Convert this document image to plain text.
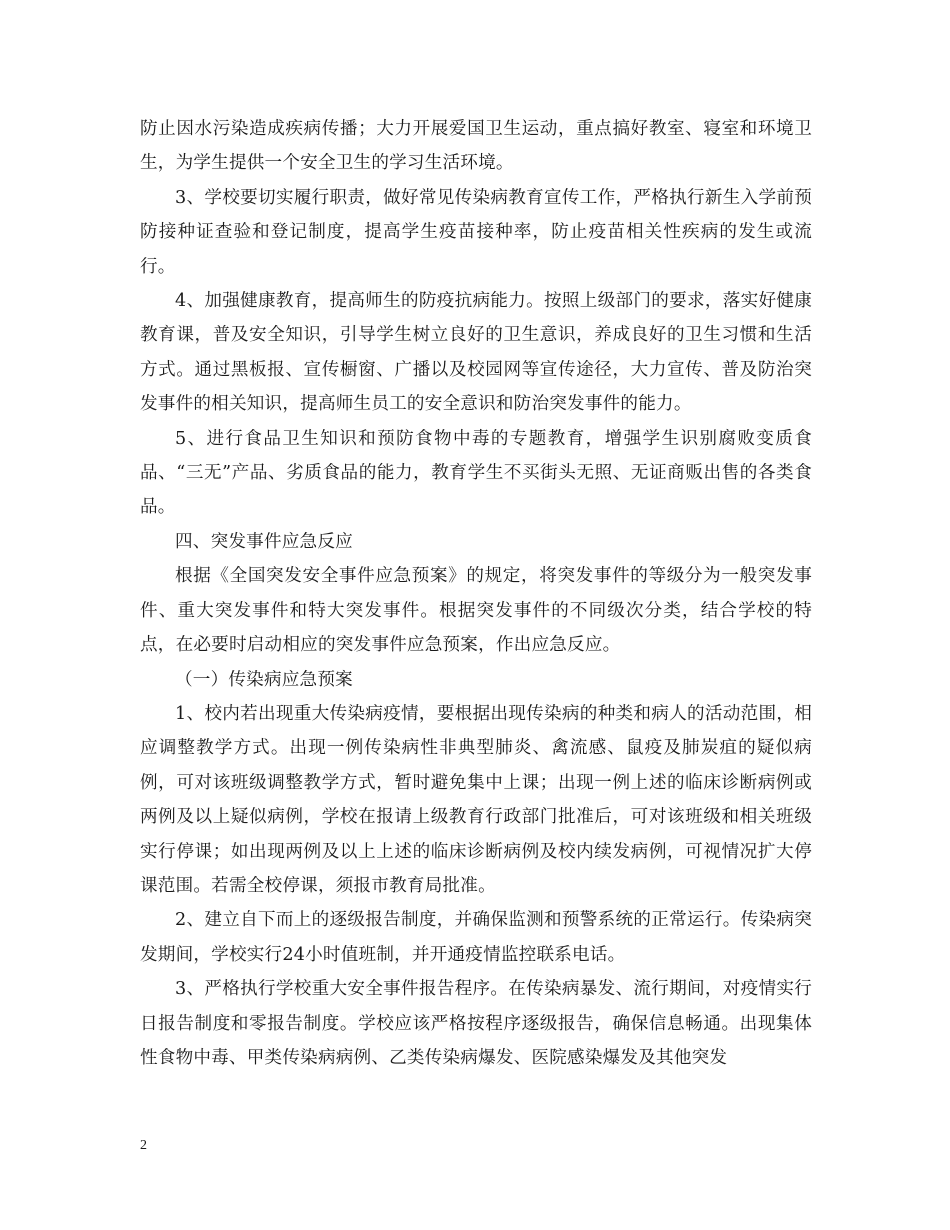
防止因水污染造成疾病传播；大力开展爱国卫生运动，重点搞好教室、寝室和环境卫生，为学生提供一个安全卫生的学习生活环境。

3、学校要切实履行职责，做好常见传染病教育宣传工作，严格执行新生入学前预防接种证查验和登记制度，提高学生疫苗接种率，防止疫苗相关性疾病的发生或流行。

4、加强健康教育，提高师生的防疫抗病能力。按照上级部门的要求，落实好健康教育课，普及安全知识，引导学生树立良好的卫生意识，养成良好的卫生习惯和生活方式。通过黑板报、宣传橱窗、广播以及校园网等宣传途径，大力宣传、普及防治突发事件的相关知识，提高师生员工的安全意识和防治突发事件的能力。

5、进行食品卫生知识和预防食物中毒的专题教育，增强学生识别腐败变质食品、“三无”产品、劣质食品的能力，教育学生不买街头无照、无证商贩出售的各类食品。

四、突发事件应急反应

根据《全国突发安全事件应急预案》的规定，将突发事件的等级分为一般突发事件、重大突发事件和特大突发事件。根据突发事件的不同级次分类，结合学校的特点，在必要时启动相应的突发事件应急预案，作出应急反应。

（一）传染病应急预案

1、校内若出现重大传染病疫情，要根据出现传染病的种类和病人的活动范围，相应调整教学方式。出现一例传染病性非典型肺炎、禽流感、鼠疫及肺炭疽的疑似病例，可对该班级调整教学方式，暂时避免集中上课；出现一例上述的临床诊断病例或两例及以上疑似病例，学校在报请上级教育行政部门批准后，可对该班级和相关班级实行停课；如出现两例及以上上述的临床诊断病例及校内续发病例，可视情况扩大停课范围。若需全校停课，须报市教育局批准。

2、建立自下而上的逐级报告制度，并确保监测和预警系统的正常运行。传染病突发期间，学校实行24小时值班制，并开通疫情监控联系电话。

3、严格执行学校重大安全事件报告程序。在传染病暴发、流行期间，对疫情实行日报告制度和零报告制度。学校应该严格按程序逐级报告，确保信息畅通。出现集体性食物中毒、甲类传染病病例、乙类传染病爆发、医院感染爆发及其他突发

2
